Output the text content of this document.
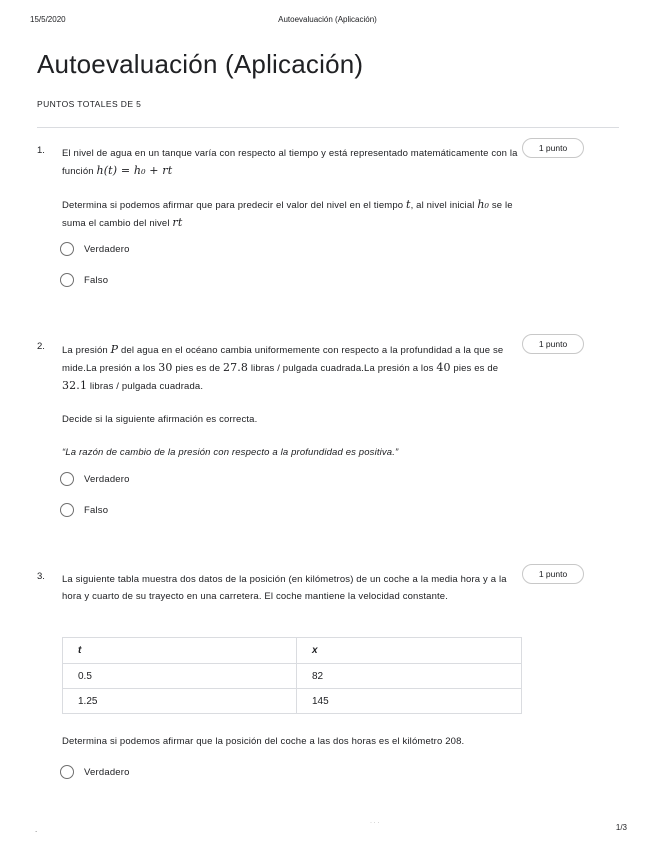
15/5/2020	Autoevaluación (Aplicación)
Autoevaluación (Aplicación)
PUNTOS TOTALES DE 5
1. El nivel de agua en un tanque varía con respecto al tiempo y está representado matemáticamente con la función h(t) = h₀ + rt

Determina si podemos afirmar que para predecir el valor del nivel en el tiempo t, al nivel inicial h₀ se le suma el cambio del nivel rt

1 punto
Verdadero
Falso
2. La presión P del agua en el océano cambia uniformemente con respecto a la profundidad a la que se mide.La presión a los 30 pies es de 27.8 libras / pulgada cuadrada.La presión a los 40 pies es de 32.1 libras / pulgada cuadrada.

Decide si la siguiente afirmación es correcta.

“La razón de cambio de la presión con respecto a la profundidad es positiva.”

1 punto
Verdadero
Falso
3. La siguiente tabla muestra dos datos de la posición (en kilómetros) de un coche a la media hora y a la hora y cuarto de su trayecto en una carretera. El coche mantiene la velocidad constante.

1 punto
t	x
0.5	82
1.25	145

Determina si podemos afirmar que la posición del coche a las dos horas es el kilómetro 208.

Verdadero
.
· · ·	1/3
